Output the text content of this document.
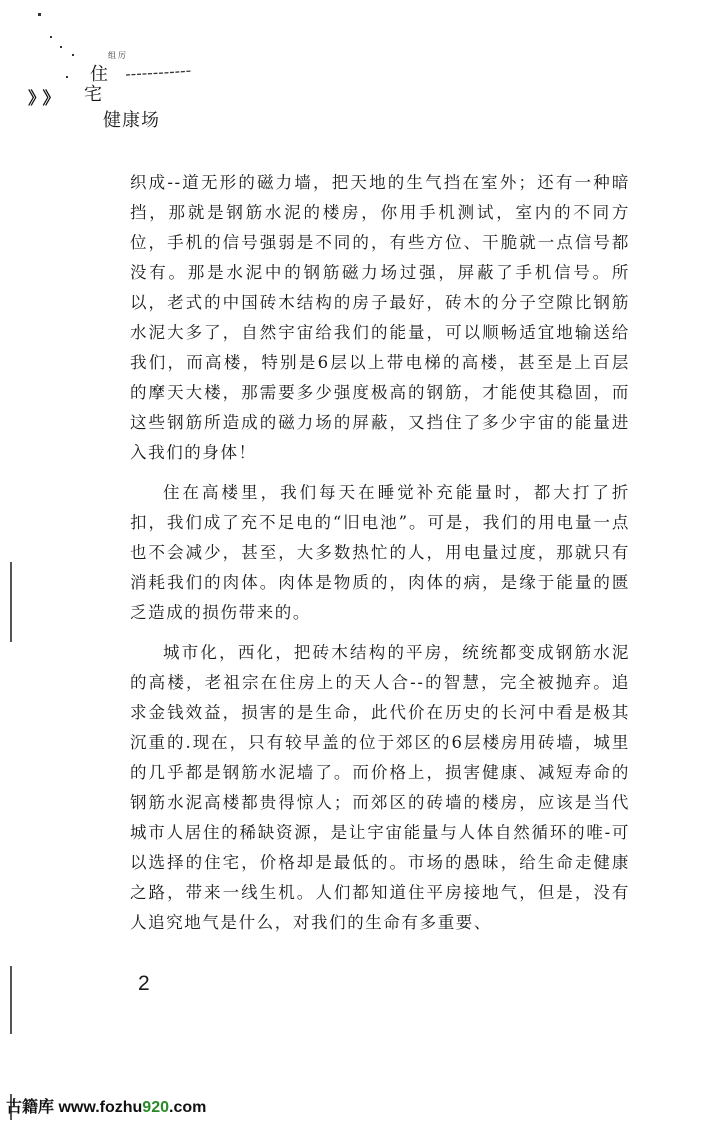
》》
住
宅
组 厉
健康场

织成--道无形的磁力墙，把天地的生气挡在室外；还有一种暗挡，那就是钢筋水泥的楼房，你用手机测试，室内的不同方位，手机的信号强弱是不同的，有些方位、干脆就一点信号都没有。那是水泥中的钢筋磁力场过强，屏蔽了手机信号。所以，老式的中国砖木结构的房子最好，砖木的分子空隙比钢筋水泥大多了，自然宇宙给我们的能量，可以顺畅适宜地输送给我们，而高楼，特别是6层以上带电梯的高楼，甚至是上百层的摩天大楼，那需要多少强度极高的钢筋，才能使其稳固，而这些钢筋所造成的磁力场的屏蔽，又挡住了多少宇宙的能量进入我们的身体！

住在高楼里，我们每天在睡觉补充能量时，都大打了折扣，我们成了充不足电的“旧电池”。可是，我们的用电量一点也不会减少，甚至，大多数热忙的人，用电量过度，那就只有消耗我们的肉体。肉体是物质的，肉体的病，是缘于能量的匮乏造成的损伤带来的。

城市化，西化，把砖木结构的平房，统统都变成钢筋水泥的高楼，老祖宗在住房上的天人合--的智慧，完全被抛弃。追求金钱效益，损害的是生命，此代价在历史的长河中看是极其沉重的.现在，只有较早盖的位于郊区的6层楼房用砖墙，城里的几乎都是钢筋水泥墙了。而价格上，损害健康、减短寿命的钢筋水泥高楼都贵得惊人；而郊区的砖墙的楼房，应该是当代城市人居住的稀缺资源，是让宇宙能量与人体自然循环的唯-可以选择的住宅，价格却是最低的。市场的愚昧，给生命走健康之路，带来一线生机。人们都知道住平房接地气，但是，没有人追究地气是什么，对我们的生命有多重要、

2
古籍库 www.fozhu920.com
